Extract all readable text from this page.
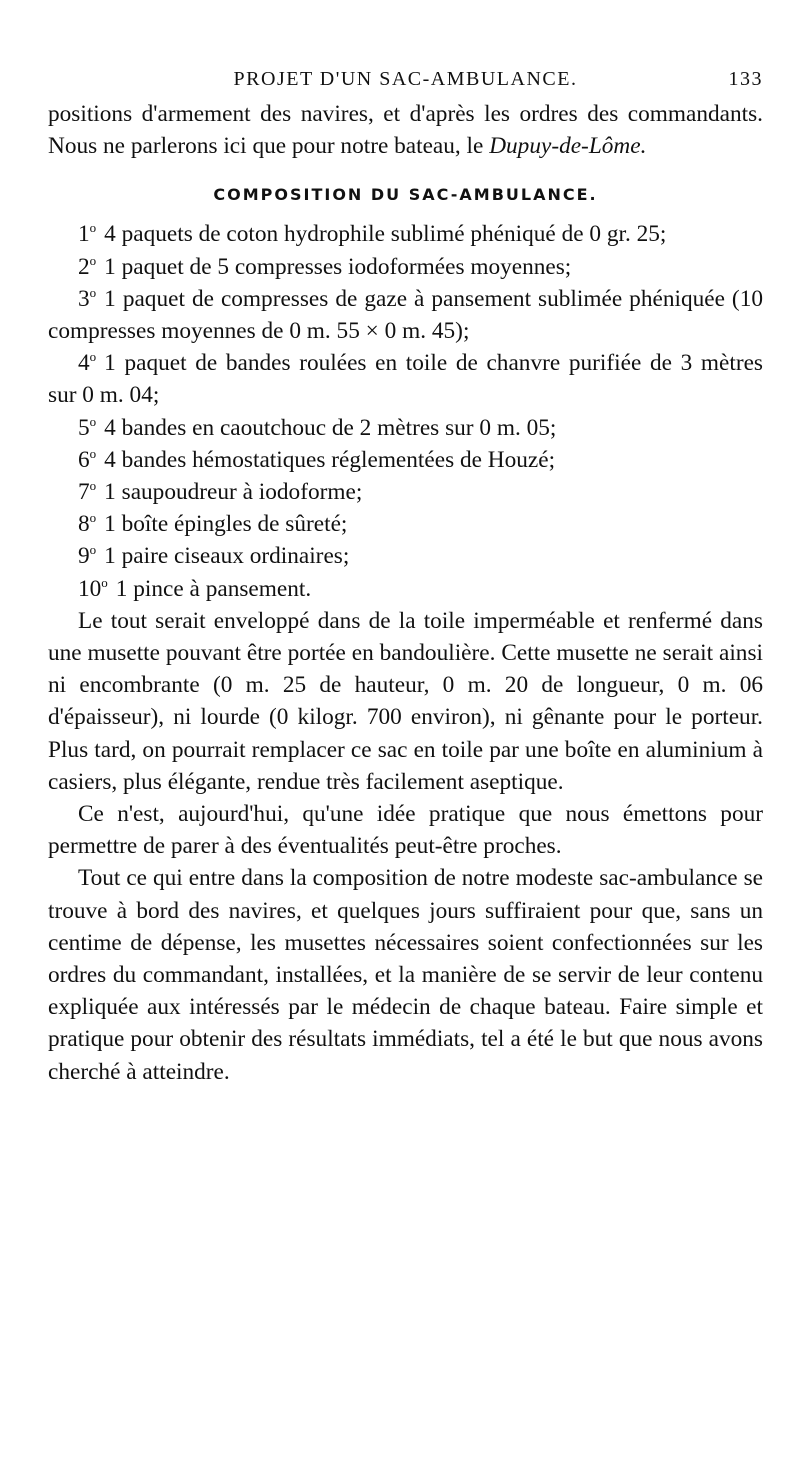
PROJET D'UN SAC-AMBULANCE.	133

positions d'armement des navires, et d'après les ordres des commandants. Nous ne parlerons ici que pour notre bateau, le Dupuy-de-Lôme.

COMPOSITION DU SAC-AMBULANCE.
1$^o$ 4 paquets de coton hydrophile sublimé phéniqué de 0 gr. 25;
2$^o$ 1 paquet de 5 compresses iodoformées moyennes;
3$^o$ 1 paquet de compresses de gaze à pansement sublimée phéniquée (10 compresses moyennes de 0 m. 55 × 0 m. 45);
4$^o$ 1 paquet de bandes roulées en toile de chanvre purifiée de 3 mètres sur 0 m. 04;
5$^o$ 4 bandes en caoutchouc de 2 mètres sur 0 m. 05;
6$^o$ 4 bandes hémostatiques réglementées de Houzé;
7$^o$ 1 saupoudreur à iodoforme;
8$^o$ 1 boîte épingles de sûreté;
9$^o$ 1 paire ciseaux ordinaires;
10$^o$ 1 pince à pansement.

Le tout serait enveloppé dans de la toile imperméable et renfermé dans une musette pouvant être portée en bandoulière. Cette musette ne serait ainsi ni encombrante (0 m. 25 de hauteur, 0 m. 20 de longueur, 0 m. 06 d'épaisseur), ni lourde (0 kilogr. 700 environ), ni gênante pour le porteur. Plus tard, on pourrait remplacer ce sac en toile par une boîte en aluminium à casiers, plus élégante, rendue très facilement aseptique.

Ce n'est, aujourd'hui, qu'une idée pratique que nous émettons pour permettre de parer à des éventualités peut-être proches.

Tout ce qui entre dans la composition de notre modeste sac-ambulance se trouve à bord des navires, et quelques jours suffiraient pour que, sans un centime de dépense, les musettes nécessaires soient confectionnées sur les ordres du commandant, installées, et la manière de se servir de leur contenu expliquée aux intéressés par le médecin de chaque bateau. Faire simple et pratique pour obtenir des résultats immédiats, tel a été le but que nous avons cherché à atteindre.
